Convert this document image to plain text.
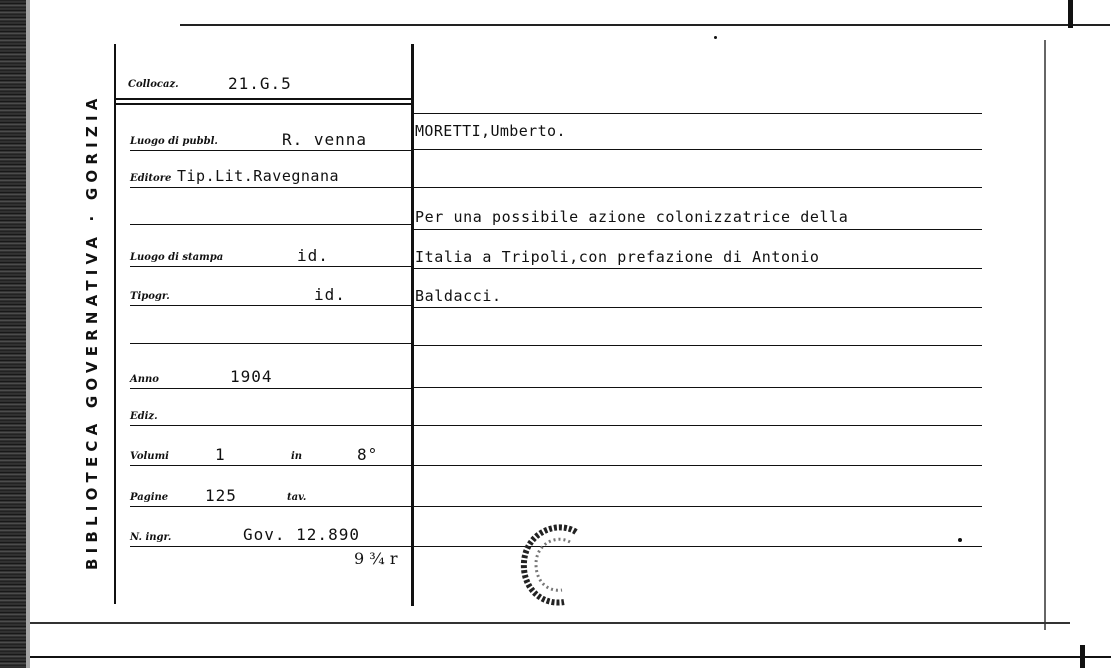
BIBLIOTECA GOVERNATIVA · GORIZIA
Collocaz.	21.G.5
Luogo di pubbl.	R. venna
Editore Tip.Lit.Ravegnana
Luogo di stampa	id.
Tipogr.	id.
Anno	1904
Ediz.
Volumi	1	in	8°
Pagine 125	tav.
N. ingr.	Gov. 12.890
9 ¾ r
MORETTI,Umberto.
Per una possibile azione colonizzatrice della
Italia a Tripoli,con prefazione di Antonio
Baldacci.
